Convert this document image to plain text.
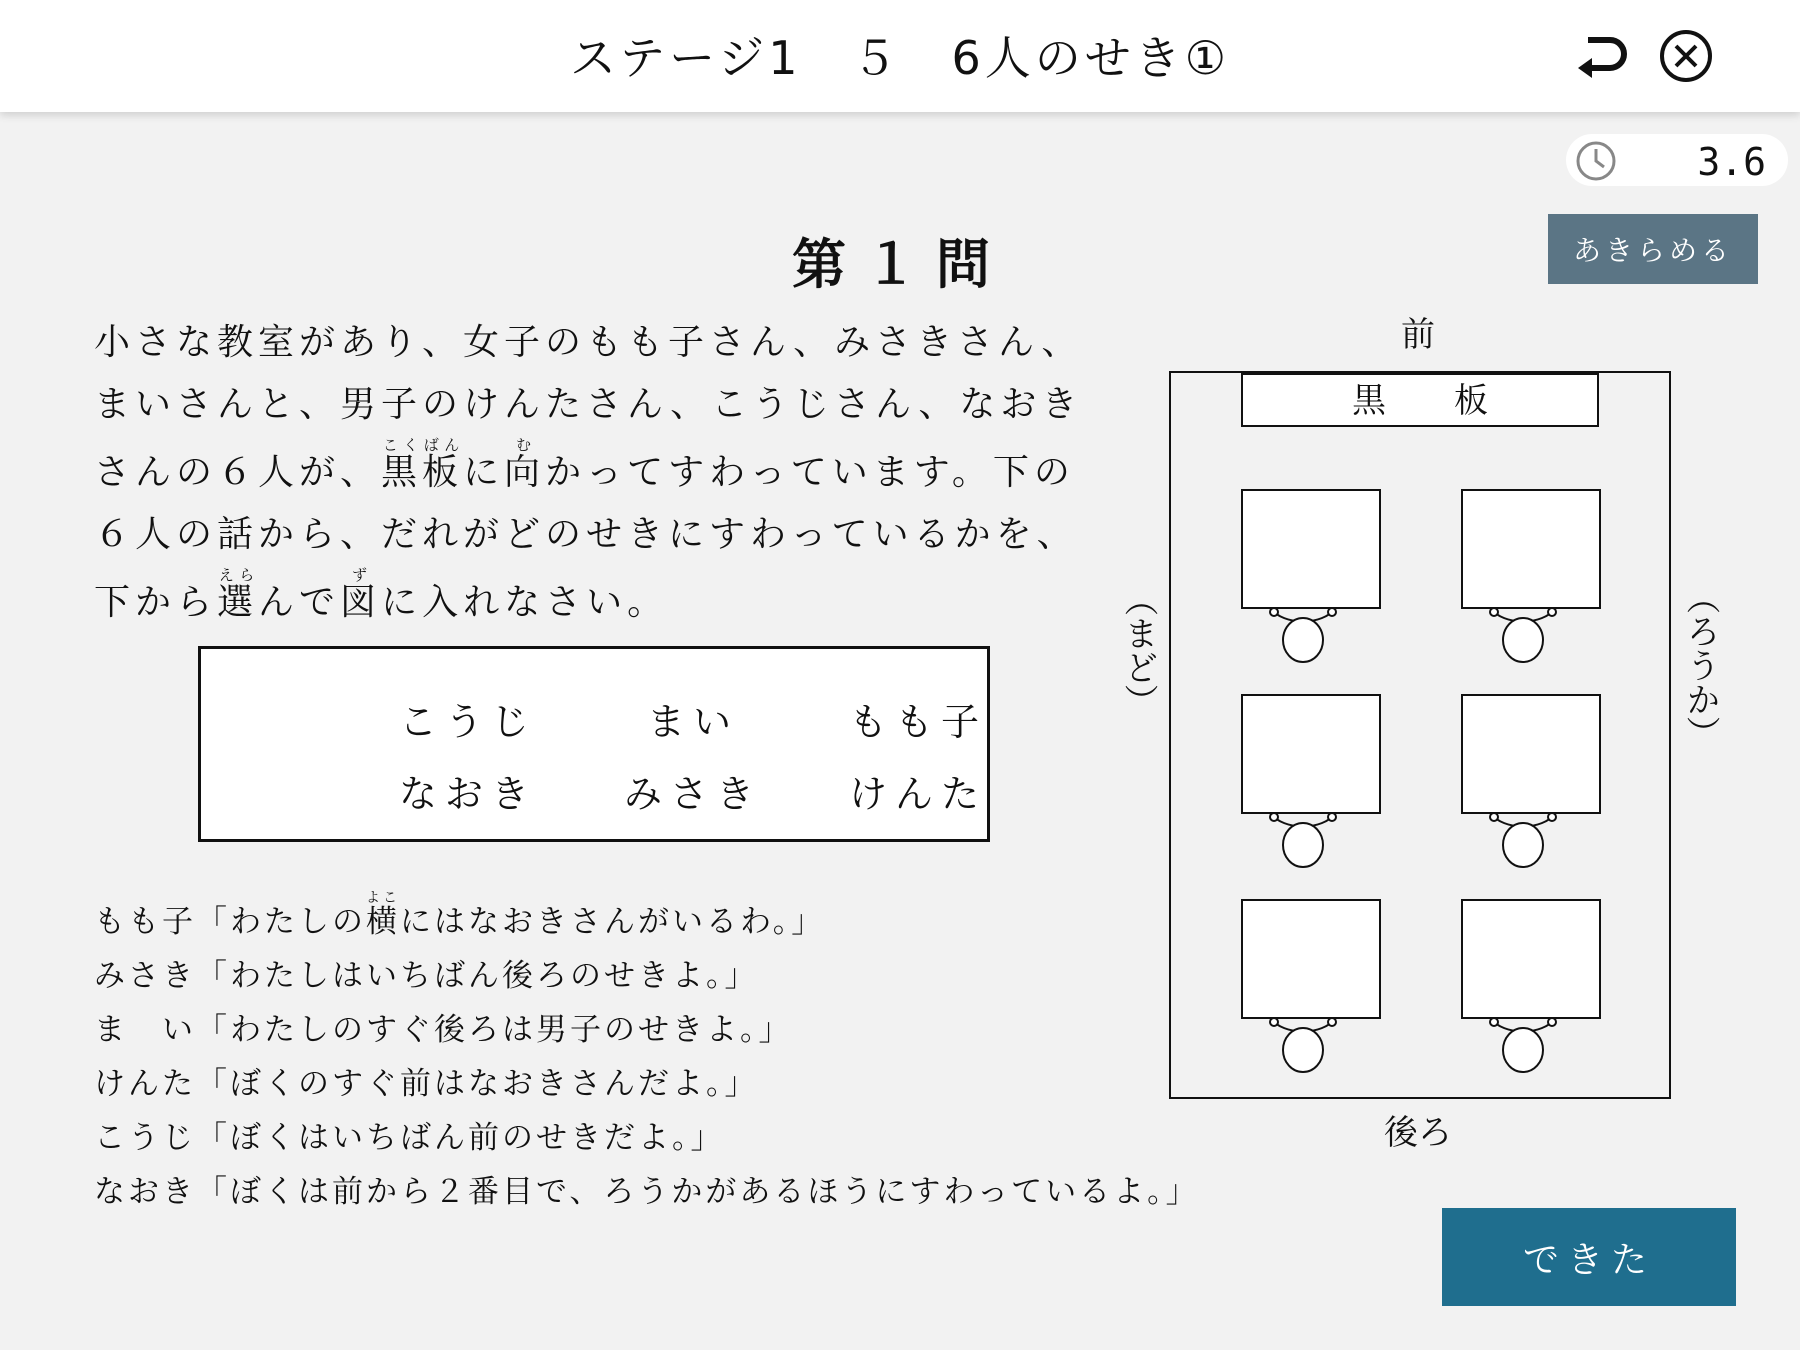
ステージ1　５　6人のせき①
3.6
あきらめる
第１問
小さな教室があり、女子のもも子さん、みさきさん、
まいさんと、男子のけんたさん、こうじさん、なおき
さんの６人が、黒板こくばんに向むかってすわっています。下の
６人の話から、だれがどのせきにすわっているかを、
下から選えらんで図ずに入れなさい。
こうじ	まい	もも子
なおき	みさき	けんた
もも子「わたしの横よこにはなおきさんがいるわ。」
みさき「わたしはいちばん後ろのせきよ。」
ま　い「わたしのすぐ後ろは男子のせきよ。」
けんた「ぼくのすぐ前はなおきさんだよ。」
こうじ「ぼくはいちばん前のせきだよ。」
なおき「ぼくは前から２番目で、ろうかがあるほうにすわっているよ。」
前
黒　　板
（まど）	（ろうか）
後ろ
できた
